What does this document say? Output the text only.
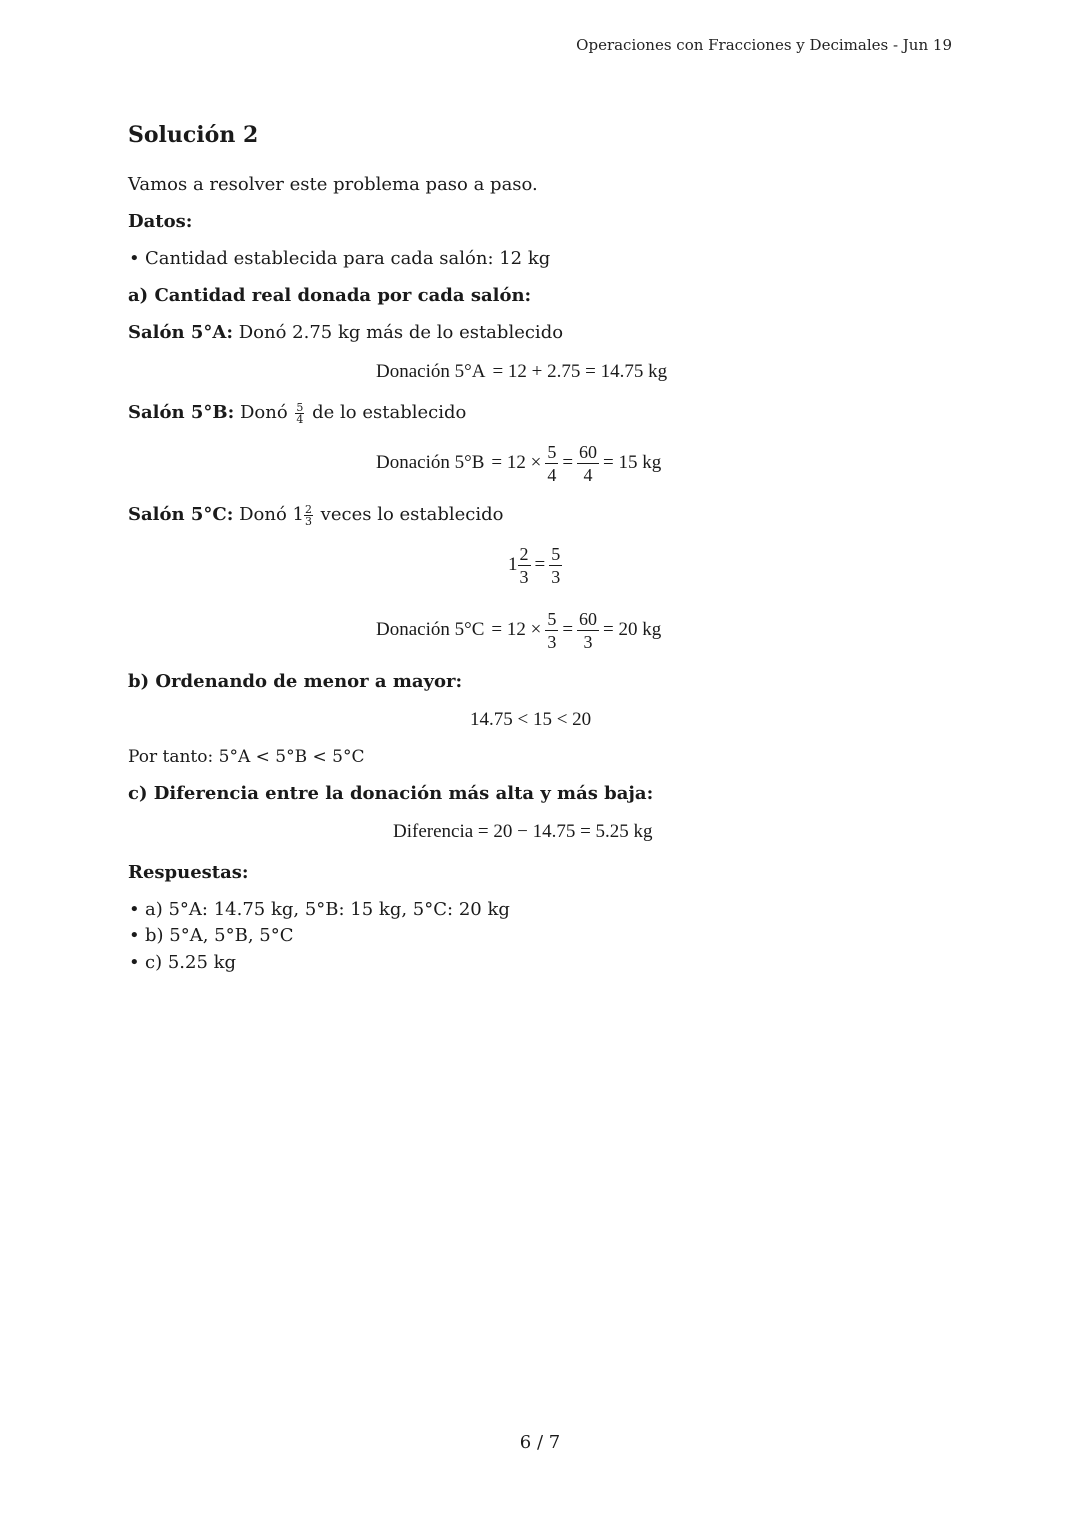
Operaciones con Fracciones y Decimales - Jun 19
Solución 2
Vamos a resolver este problema paso a paso.
Datos:
• Cantidad establecida para cada salón: 12 kg
a) Cantidad real donada por cada salón:
Salón 5°A: Donó 2.75 kg más de lo establecido
Donación 5°A = 12 + 2.75 = 14.75 kg
Salón 5°B: Donó $\frac{5}{4}$ de lo establecido
Donación $5^\circ B = 12 \times \frac{5}{4} = \frac{60}{4} = 15$ kg
Salón 5°C: Donó $1 \frac{2}{3}$ veces lo establecido
$1 \frac{2}{3} = \frac{5}{3}$
Donación $5^\circ C = 12 \times \frac{5}{3} = \frac{60}{3} = 20$ kg
b) Ordenando de menor a mayor:
14.75 < 15 < 20
Por tanto: 5°A < 5°B < 5°C
c) Diferencia entre la donación más alta y más baja:
Diferencia = 20 − 14.75 = 5.25 kg
Respuestas:
• a) 5°A: 14.75 kg, 5°B: 15 kg, 5°C: 20 kg
• b) 5°A, 5°B, 5°C
• c) 5.25 kg
6 / 7
